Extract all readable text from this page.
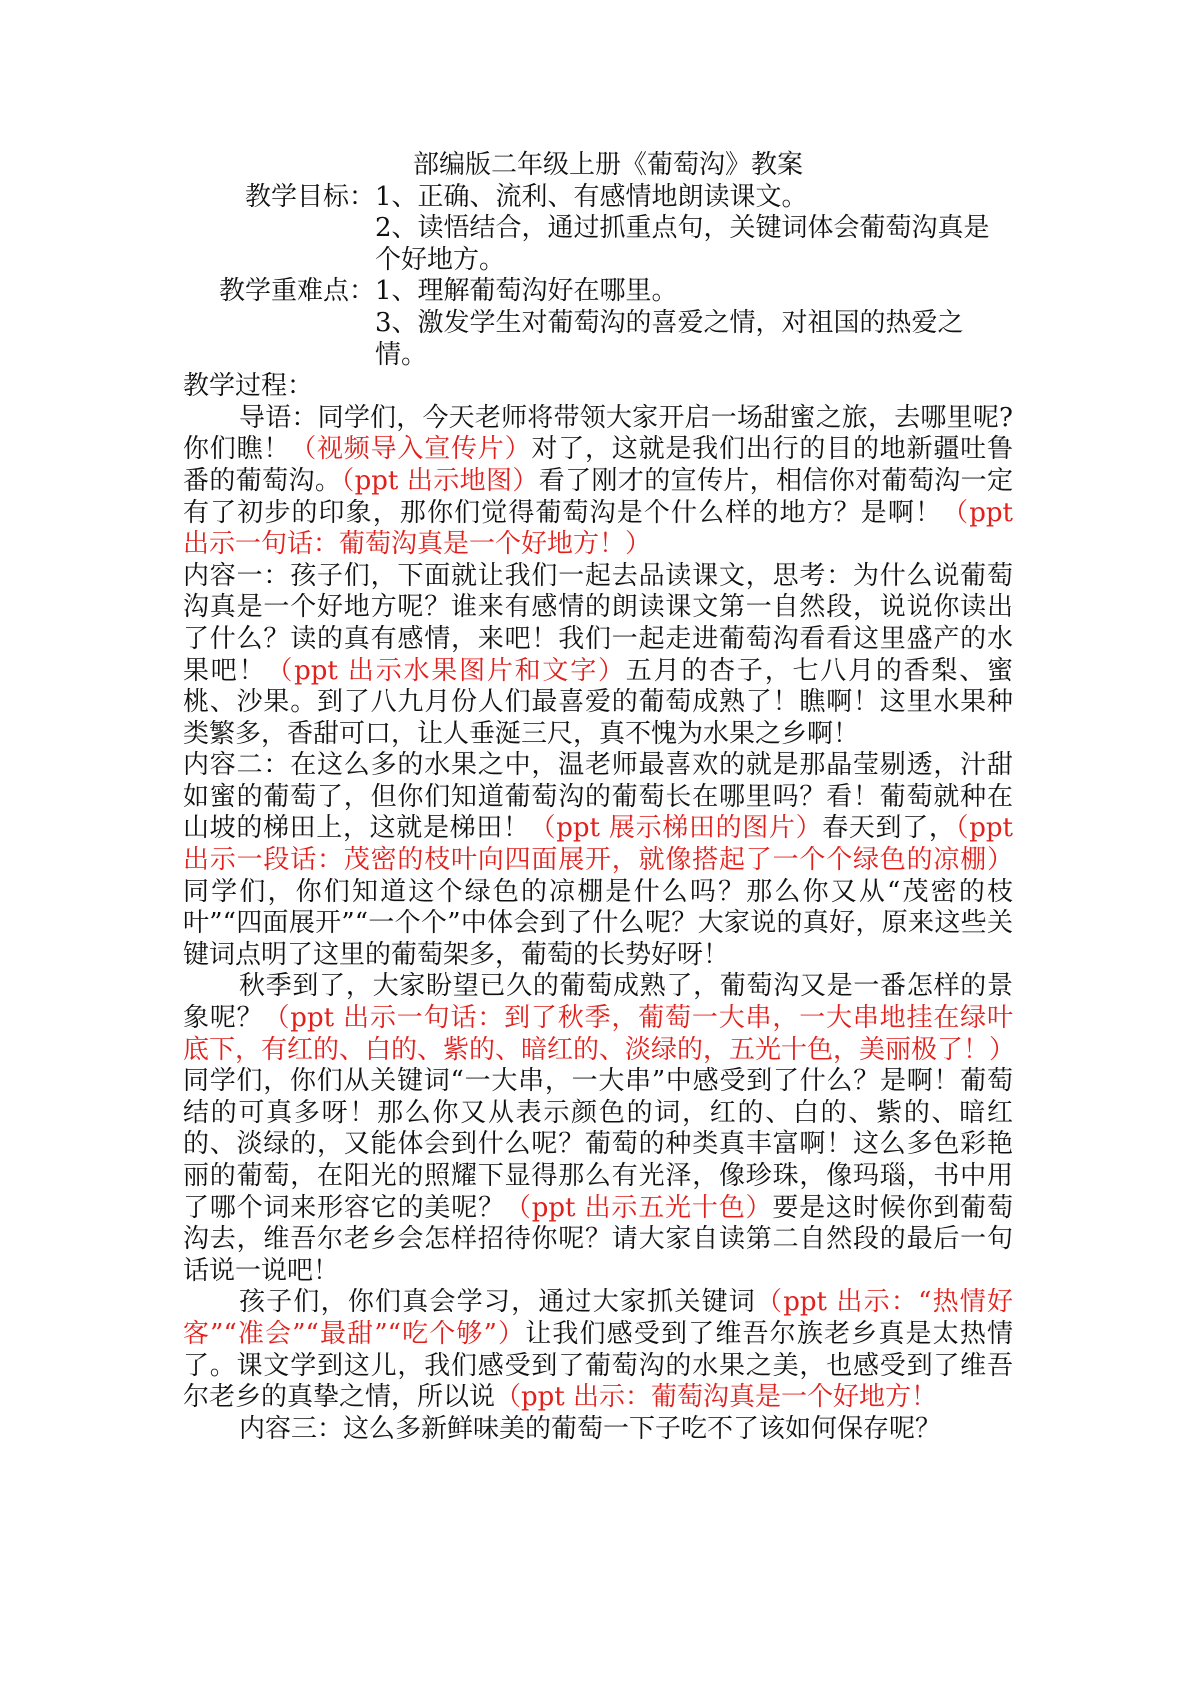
部编版二年级上册《葡萄沟》教案
教学目标： 1、正确、流利、有感情地朗读课文。
2、读悟结合，通过抓重点句，关键词体会葡萄沟真是个好地方。
教学重难点： 1、理解葡萄沟好在哪里。
3、激发学生对葡萄沟的喜爱之情，对祖国的热爱之情。
教学过程：
导语：同学们，今天老师将带领大家开启一场甜蜜之旅，去哪里呢?你们瞧！（视频导入宣传片）对了，这就是我们出行的目的地新疆吐鲁番的葡萄沟。（ppt 出示地图）看了刚才的宣传片，相信你对葡萄沟一定有了初步的印象，那你们觉得葡萄沟是个什么样的地方？是啊！（ppt 出示一句话：葡萄沟真是一个好地方！）
内容一：孩子们，下面就让我们一起去品读课文，思考：为什么说葡萄沟真是一个好地方呢？谁来有感情的朗读课文第一自然段，说说你读出了什么？读的真有感情，来吧！我们一起走进葡萄沟看看这里盛产的水果吧！（ppt 出示水果图片和文字）五月的杏子，七八月的香梨、蜜桃、沙果。到了八九月份人们最喜爱的葡萄成熟了！瞧啊！这里水果种类繁多，香甜可口，让人垂涎三尺，真不愧为水果之乡啊！
内容二：在这么多的水果之中，温老师最喜欢的就是那晶莹剔透，汁甜如蜜的葡萄了，但你们知道葡萄沟的葡萄长在哪里吗？看！葡萄就种在山坡的梯田上，这就是梯田！（ppt 展示梯田的图片）春天到了，（ppt 出示一段话：茂密的枝叶向四面展开，就像搭起了一个个绿色的凉棚）同学们，你们知道这个绿色的凉棚是什么吗？那么你又从“茂密的枝叶”“四面展开”“一个个”中体会到了什么呢？大家说的真好，原来这些关键词点明了这里的葡萄架多，葡萄的长势好呀！
秋季到了，大家盼望已久的葡萄成熟了，葡萄沟又是一番怎样的景象呢？（ppt 出示一句话：到了秋季，葡萄一大串，一大串地挂在绿叶底下，有红的、白的、紫的、暗红的、淡绿的，五光十色，美丽极了！）同学们，你们从关键词“一大串，一大串”中感受到了什么？是啊！葡萄结的可真多呀！那么你又从表示颜色的词，红的、白的、紫的、暗红的、淡绿的，又能体会到什么呢？葡萄的种类真丰富啊！这么多色彩艳丽的葡萄，在阳光的照耀下显得那么有光泽，像珍珠，像玛瑙，书中用了哪个词来形容它的美呢？（ppt 出示五光十色）要是这时候你到葡萄沟去，维吾尔老乡会怎样招待你呢？请大家自读第二自然段的最后一句话说一说吧！
孩子们，你们真会学习，通过大家抓关键词（ppt 出示：“热情好客”“准会”“最甜”“吃个够”）让我们感受到了维吾尔族老乡真是太热情了。课文学到这儿，我们感受到了葡萄沟的水果之美，也感受到了维吾尔老乡的真挚之情，所以说（ppt 出示：葡萄沟真是一个好地方！
内容三：这么多新鲜味美的葡萄一下子吃不了该如何保存呢？
